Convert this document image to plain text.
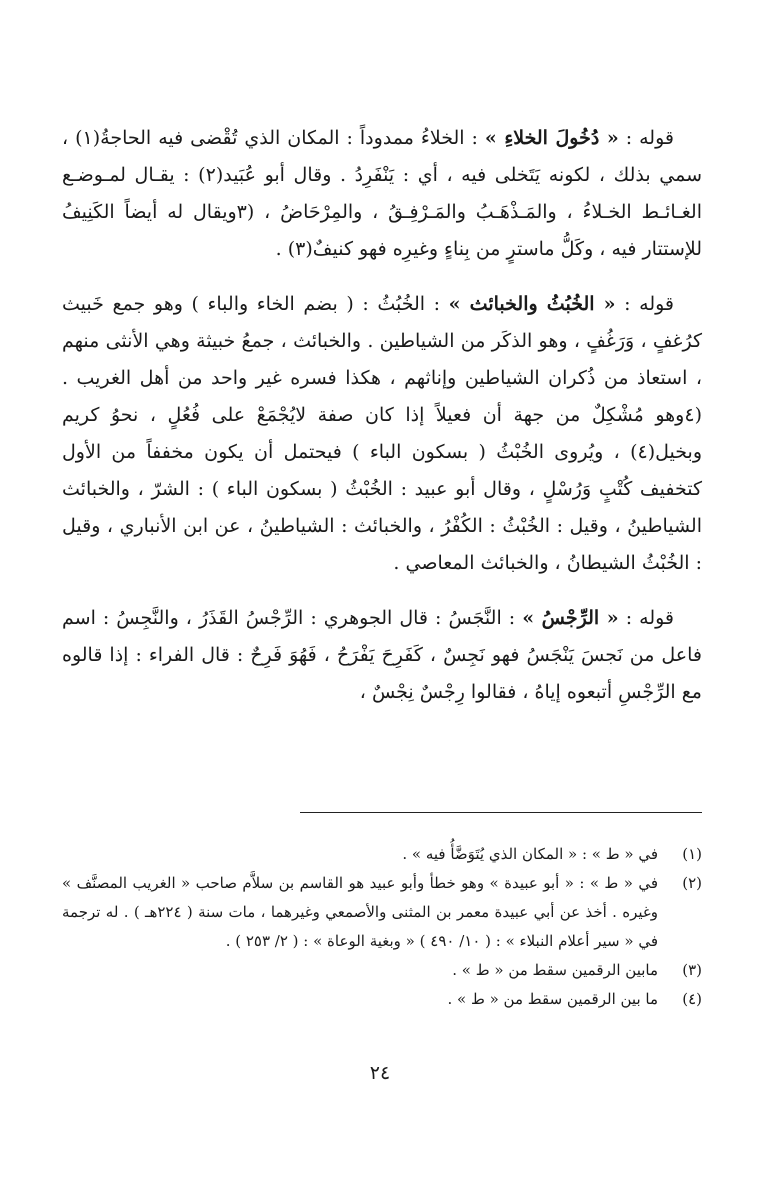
قوله : « دُخُولَ الخلاءِ » : الخلاءُ ممدوداً : المكان الذي تُقْضى فيه الحاجةُ(١) ، سمي بذلك ، لكونه يَتَخلى فيه ، أي : يَنْفَرِدُ . وقال أبو عُبَيد(٢) : يقـال لمـوضـع الغـائـط الخـلاءُ ، والمَـذْهَـبُ والمَـرْفِـقُ ، والمِرْحَاضُ ، (٣ويقال له أيضاً الكَنِيفُ للإستتار فيه ، وكَلُّ ماسترٍ من بِناءٍ وغيرِه فهو كنيفٌ(٣) .

قوله : « الخُبُثُ والخبائث » : الخُبُثُ : ( بضم الخاء والباء ) وهو جمع خَبيث كرُغفٍ ، وَرَغُفٍ ، وهو الذكَر من الشياطين . والخبائث ، جمعُ خبيثة وهي الأنثى منهم ، استعاذ من ذُكران الشياطين وإناثهم ، هكذا فسره غير واحد من أهل الغريب . (٤وهو مُشْكِلٌ من جهة أن فعيلاً إذا كان صفة لايُجْمَعْ على فُعُلٍ ، نحوُ كريم وبخيل(٤) ، ويُروى الخُبْثُ ( بسكون الباء ) فيحتمل أن يكون مخففاً من الأول كتخفيف كُتْبٍ وَرُسْلٍ ، وقال أبو عبيد : الخُبْثُ ( بسكون الباء ) : الشرّ ، والخبائث الشياطينُ ، وقيل : الخُبْثُ : الكُفْرُ ، والخبائث : الشياطينُ ، عن ابن الأنباري ، وقيل : الخُبْثُ الشيطانُ ، والخبائث المعاصي .

قوله : « الرِّجْسُ » : النَّجَسُ : قال الجوهري : الرِّجْسُ القَذَرُ ، والنَّجِسُ : اسم فاعل من نَجسَ يَنْجَسُ فهو نَجِسٌ ، كَفَرِحَ يَفْرَحُ ، فَهُوَ فَرِحٌ : قال الفراء : إذا قالوه مع الرِّجْسِ أتبعوه إياهُ ، فقالوا رِجْسٌ نِجْسٌ ،

(١)
في « ط » : « المكان الذي يُتَوَضَّأُ فيه » .
(٢)
في « ط » : « أبو عبيدة » وهو خطأ وأبو عبيد هو القاسم بن سلاَّم صاحب « الغريب المصنَّف » وغيره . أخذ عن أبي عبيدة معمر بن المثنى والأصمعي وغيرهما ، مات سنة ( ٢٢٤هـ ) . له ترجمة في « سير أعلام النبلاء » : ( ١٠/ ٤٩٠ ) « وبغية الوعاة » : ( ٢/ ٢٥٣ ) .
(٣)
مابين الرقمين سقط من « ط » .
(٤)
ما بين الرقمين سقط من « ط » .
٢٤
